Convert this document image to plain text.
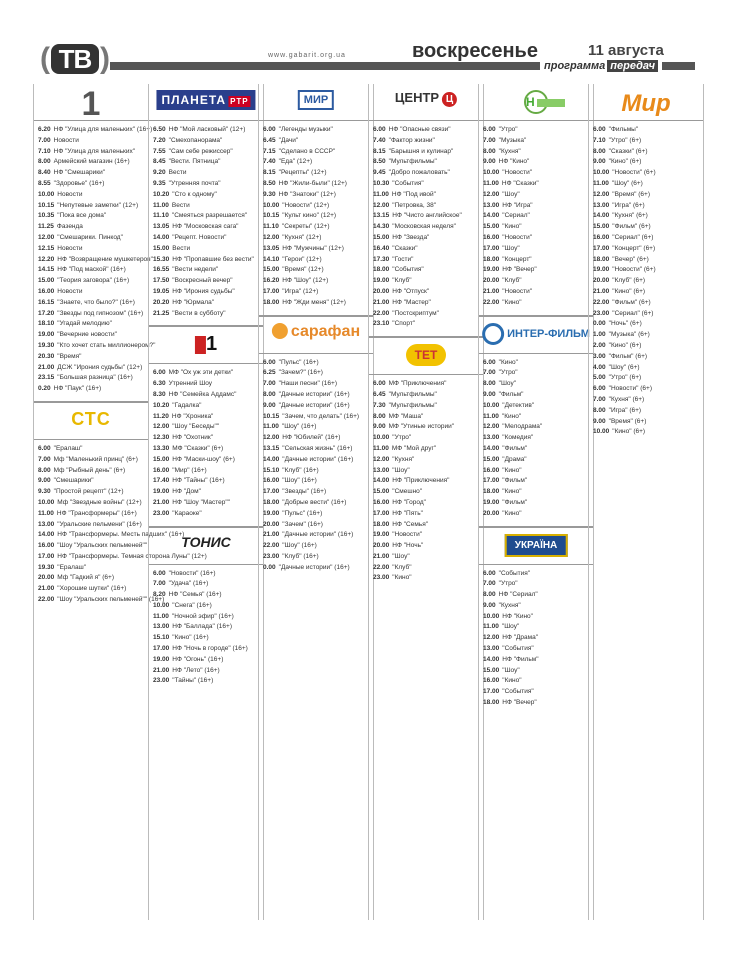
( ТВ )	www.gabarit.org.ua	воскресенье	11 августа
программа передач
1
6.20 НФ "Улица для маленьких" (16+)
7.00 Новости
7.10 НФ "Улица для маленьких"
8.00 Армейский магазин (16+)
8.40 НФ "Смешарики"
8.55 "Здоровье" (16+)
10.00 Новости
10.15 "Непутевые заметки" (12+)
10.35 "Пока все дома"
11.25 Фазенда
12.00 "Смешарики. Пинкод"
12.15 Новости
12.20 НФ "Возвращение мушкетеров"
14.15 НФ "Под маской" (16+)
15.00 "Теория заговора" (16+)
16.00 Новости
16.15 "Знаете, что было?" (16+)
17.20 "Звезды под гипнозом" (16+)
18.10 "Угадай мелодию"
19.00 "Вечерние новости"
19.30 "Кто хочет стать миллионером?"
20.30 "Время"
21.00 ДСЖ "Ирония судьбы" (12+)
23.15 "Большая разница" (16+)
0.20 НФ "Паук" (16+)
СТС
6.00 "Ералаш"
7.00 Мф "Маленький принц" (6+)
8.00 Мф "Рыбный день" (6+)
9.00 "Смешарики"
9.30 "Простой рецепт" (12+)
10.00 Мф "Звездные войны" (12+)
11.00 НФ "Трансформеры" (16+)
13.00 "Уральские пельмени" (16+)
14.00 НФ "Трансформеры. Месть падших" (16+)
16.00 "Шоу "Уральских пельменей""
17.00 НФ "Трансформеры. Темная сторона Луны" (12+)
19.30 "Ералаш"
20.00 Мф "Гадкий я" (6+)
21.00 "Хорошие шутки" (16+)
22.00 "Шоу "Уральских пельменей"" (16+)
ПЛАНЕТА РТР
6.50 НФ "Мой ласковый" (12+)
7.20 "Смехопанорама"
7.55 "Сам себе режиссер"
8.45 "Вести. Пятница"
9.20 Вести
9.35 "Утренняя почта"
10.20 "Сто к одному"
11.00 Вести
11.10 "Смеяться разрешается"
13.05 НФ "Московская сага"
14.00 "Рецепт. Новости"
15.00 Вести
15.30 НФ "Пропавшие без вести"
16.55 "Вести недели"
17.50 "Воскресный вечер"
19.05 НФ "Ирония судьбы"
20.20 НФ "Юрмала"
21.25 "Вести в субботу"
1
6.00 МФ "Ох уж эти детки"
6.30 Утренний Шоу
8.30 НФ "Семейка Аддамс"
10.20 "Гадалка"
11.20 НФ "Хроника"
12.00 "Шоу "Беседы""
12.30 НФ "Охотник"
13.30 МФ "Сказки" (6+)
15.00 НФ "Маски-шоу" (6+)
16.00 "Мир" (16+)
17.40 НФ "Тайны" (16+)
19.00 НФ "Дом"
21.00 НФ "Шоу "Мастер""
23.00 "Караоке"
ТОНИС
6.00 "Новости" (16+)
7.00 "Удача" (16+)
8.20 НФ "Семья" (16+)
10.00 "Снега" (16+)
11.00 "Ночной эфир" (16+)
13.00 НФ "Баллада" (16+)
15.10 "Кино" (16+)
17.00 НФ "Ночь в городе" (16+)
19.00 НФ "Огонь" (16+)
21.00 НФ "Лето" (16+)
23.00 "Тайны" (16+)
МИР
6.00 "Легенды музыки"
6.45 "Дачи"
7.15 "Сделано в СССР"
7.40 "Еда" (12+)
8.15 "Рецепты" (12+)
8.50 НФ "Жили-были" (12+)
9.30 НФ "Знатоки" (12+)
10.00 "Новости" (12+)
10.15 "Культ кино" (12+)
11.10 "Секреты" (12+)
12.00 "Кухня" (12+)
13.05 НФ "Мужчины" (12+)
14.10 "Герои" (12+)
15.00 "Время" (12+)
16.20 НФ "Шоу" (12+)
17.00 "Игра" (12+)
18.00 НФ "Жди меня" (12+)
сарафан
6.00 "Пульс" (16+)
6.25 "Зачем?" (16+)
7.00 "Наши песни" (16+)
8.00 "Дачные истории" (16+)
9.00 "Дачные истории" (16+)
10.15 "Зачем, что делать" (16+)
11.00 "Шоу" (16+)
12.00 НФ "Юбилей" (16+)
13.15 "Сельская жизнь" (16+)
14.00 "Дачные истории" (16+)
15.10 "Клуб" (16+)
16.00 "Шоу" (16+)
17.00 "Звезды" (16+)
18.00 "Добрые вести" (16+)
19.00 "Пульс" (16+)
20.00 "Зачем" (16+)
21.00 "Дачные истории" (16+)
22.00 "Шоу" (16+)
23.00 "Клуб" (16+)
0.00 "Дачные истории" (16+)
ЦЕНТР Ц
6.00 НФ "Опасные связи"
7.40 "Фактор жизни"
8.15 "Барышня и кулинар"
8.50 "Мультфильмы"
9.45 "Добро пожаловать"
10.30 "События"
11.00 НФ "Под ивой"
12.00 "Петровка, 38"
13.15 НФ "Чисто английское"
14.30 "Московская неделя"
15.00 НФ "Звезда"
16.40 "Сказки"
17.30 "Гости"
18.00 "События"
19.00 "Клуб"
20.00 НФ "Отпуск"
21.00 НФ "Мастер"
22.00 "Постскриптум"
23.10 "Спорт"
ТЕТ
6.00 МФ "Приключения"
6.45 "Мультфильмы"
7.30 "Мультфильмы"
8.00 МФ "Маша"
9.00 МФ "Утиные истории"
10.00 "Утро"
11.00 МФ "Мой друг"
12.00 "Кухня"
13.00 "Шоу"
14.00 НФ "Приключения"
15.00 "Смешно"
16.00 НФ "Город"
17.00 НФ "Пять"
18.00 НФ "Семья"
19.00 "Новости"
20.00 НФ "Ночь"
21.00 "Шоу"
22.00 "Клуб"
23.00 "Кино"
Н
6.00 "Утро"
7.00 "Музыка"
8.00 "Кухня"
9.00 НФ "Кино"
10.00 "Новости"
11.00 НФ "Сказки"
12.00 "Шоу"
13.00 НФ "Игра"
14.00 "Сериал"
15.00 "Кино"
16.00 "Новости"
17.00 "Шоу"
18.00 "Концерт"
19.00 НФ "Вечер"
20.00 "Клуб"
21.00 "Новости"
22.00 "Кино"
ИНТЕР-ФИЛЬМ
6.00 "Кино"
7.00 "Утро"
8.00 "Шоу"
9.00 "Фильм"
10.00 "Детектив"
11.00 "Кино"
12.00 "Мелодрама"
13.00 "Комедия"
14.00 "Фильм"
15.00 "Драма"
16.00 "Кино"
17.00 "Фильм"
18.00 "Кино"
19.00 "Фильм"
20.00 "Кино"
УКРАЇНА
6.00 "События"
7.00 "Утро"
8.00 НФ "Сериал"
9.00 "Кухня"
10.00 НФ "Кино"
11.00 "Шоу"
12.00 НФ "Драма"
13.00 "События"
14.00 НФ "Фильм"
15.00 "Шоу"
16.00 "Кино"
17.00 "События"
18.00 НФ "Вечер"
Мир
6.00 "Фильмы"
7.10 "Утро" (6+)
8.00 "Сказки" (6+)
9.00 "Кино" (6+)
10.00 "Новости" (6+)
11.00 "Шоу" (6+)
12.00 "Время" (6+)
13.00 "Игра" (6+)
14.00 "Кухня" (6+)
15.00 "Фильм" (6+)
16.00 "Сериал" (6+)
17.00 "Концерт" (6+)
18.00 "Вечер" (6+)
19.00 "Новости" (6+)
20.00 "Клуб" (6+)
21.00 "Кино" (6+)
22.00 "Фильм" (6+)
23.00 "Сериал" (6+)
0.00 "Ночь" (6+)
1.00 "Музыка" (6+)
2.00 "Кино" (6+)
3.00 "Фильм" (6+)
4.00 "Шоу" (6+)
5.00 "Утро" (6+)
6.00 "Новости" (6+)
7.00 "Кухня" (6+)
8.00 "Игра" (6+)
9.00 "Время" (6+)
10.00 "Кино" (6+)
